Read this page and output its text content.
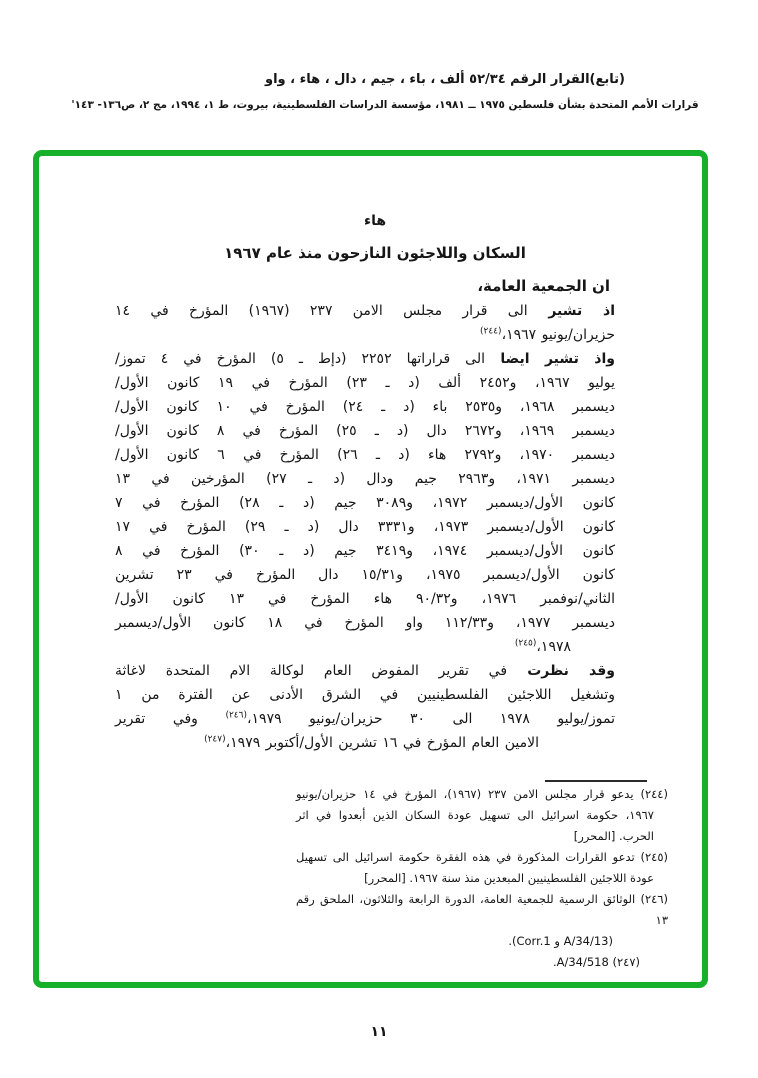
(تابع)القرار الرقم ٥٢/٣٤ ألف ، باء ، جيم ، دال ، هاء ، واو
قرارات الأمم المتحدة بشأن فلسطين ١٩٧٥ ــ ١٩٨١، مؤسسة الدراسات الفلسطينية، بيروت، ط ١، ١٩٩٤، مج ٢، ص١٣٦- ١٤٣'
هاء
السكان واللاجئون النازحون منذ عام ١٩٦٧
ان الجمعية العامة،
اذ تشير الى قرار مجلس الامن ٢٣٧ (١٩٦٧) المؤرخ في ١٤
حزيران/يونيو ١٩٦٧،$^{(٢٤٤)}$
واذ تشير ايضا الى قراراتها ٢٢٥٢ (دإط ـ ٥) المؤرخ في ٤ تموز/
يوليو ١٩٦٧، و٢٤٥٢ ألف (د ـ ٢٣) المؤرخ في ١٩ كانون الأول/
ديسمبر ١٩٦٨، و٢٥٣٥ باء (د ـ ٢٤) المؤرخ في ١٠ كانون الأول/
ديسمبر ١٩٦٩، و٢٦٧٢ دال (د ـ ٢٥) المؤرخ في ٨ كانون الأول/
ديسمبر ١٩٧٠، و٢٧٩٢ هاء (د ـ ٢٦) المؤرخ في ٦ كانون الأول/
ديسمبر ١٩٧١، و٢٩٦٣ جيم ودال (د ـ ٢٧) المؤرخين في ١٣
كانون الأول/ديسمبر ١٩٧٢، و٣٠٨٩ جيم (د ـ ٢٨) المؤرخ في ٧
كانون الأول/ديسمبر ١٩٧٣، و٣٣٣١ دال (د ـ ٢٩) المؤرخ في ١٧
كانون الأول/ديسمبر ١٩٧٤، و٣٤١٩ جيم (د ـ ٣٠) المؤرخ في ٨
كانون الأول/ديسمبر ١٩٧٥، و١٥/٣١ دال المؤرخ في ٢٣ تشرين
الثاني/نوفمبر ١٩٧٦، و٩٠/٣٢ هاء المؤرخ في ١٣ كانون الأول/
ديسمبر ١٩٧٧، و١١٢/٣٣ واو المؤرخ في ١٨ كانون الأول/ديسمبر
١٩٧٨،$^{(٢٤٥)}$
وقد نظرت في تقرير المفوض العام لوكالة الام المتحدة لاغاثة
وتشغيل اللاجئين الفلسطينيين في الشرق الأدنى عن الفترة من ١
تموز/يوليو ١٩٧٨ الى ٣٠ حزيران/يونيو ١٩٧٩،$^{(٢٤٦)}$ وفي تقرير
الامين العام المؤرخ في ١٦ تشرين الأول/أكتوبر ١٩٧٩،$^{(٢٤٧)}$
(٢٤٤) يدعو قرار مجلس الامن ٢٣٧ (١٩٦٧)، المؤرخ في ١٤ حزيران/يونيو
١٩٦٧، حكومة اسرائيل الى تسهيل عودة السكان الذين أبعدوا في اثر
الحرب. [المحرر]
(٢٤٥) تدعو القرارات المذكورة في هذه الفقرة حكومة اسرائيل الى تسهيل
عودة اللاجئين الفلسطينيين المبعدين منذ سنة ١٩٦٧. [المحرر]
(٢٤٦) الوثائق الرسمية للجمعية العامة، الدورة الرابعة والثلاثون، الملحق رقم ١٣
(A/34/13 و Corr.1).
(٢٤٧) A/34/518.
١١
